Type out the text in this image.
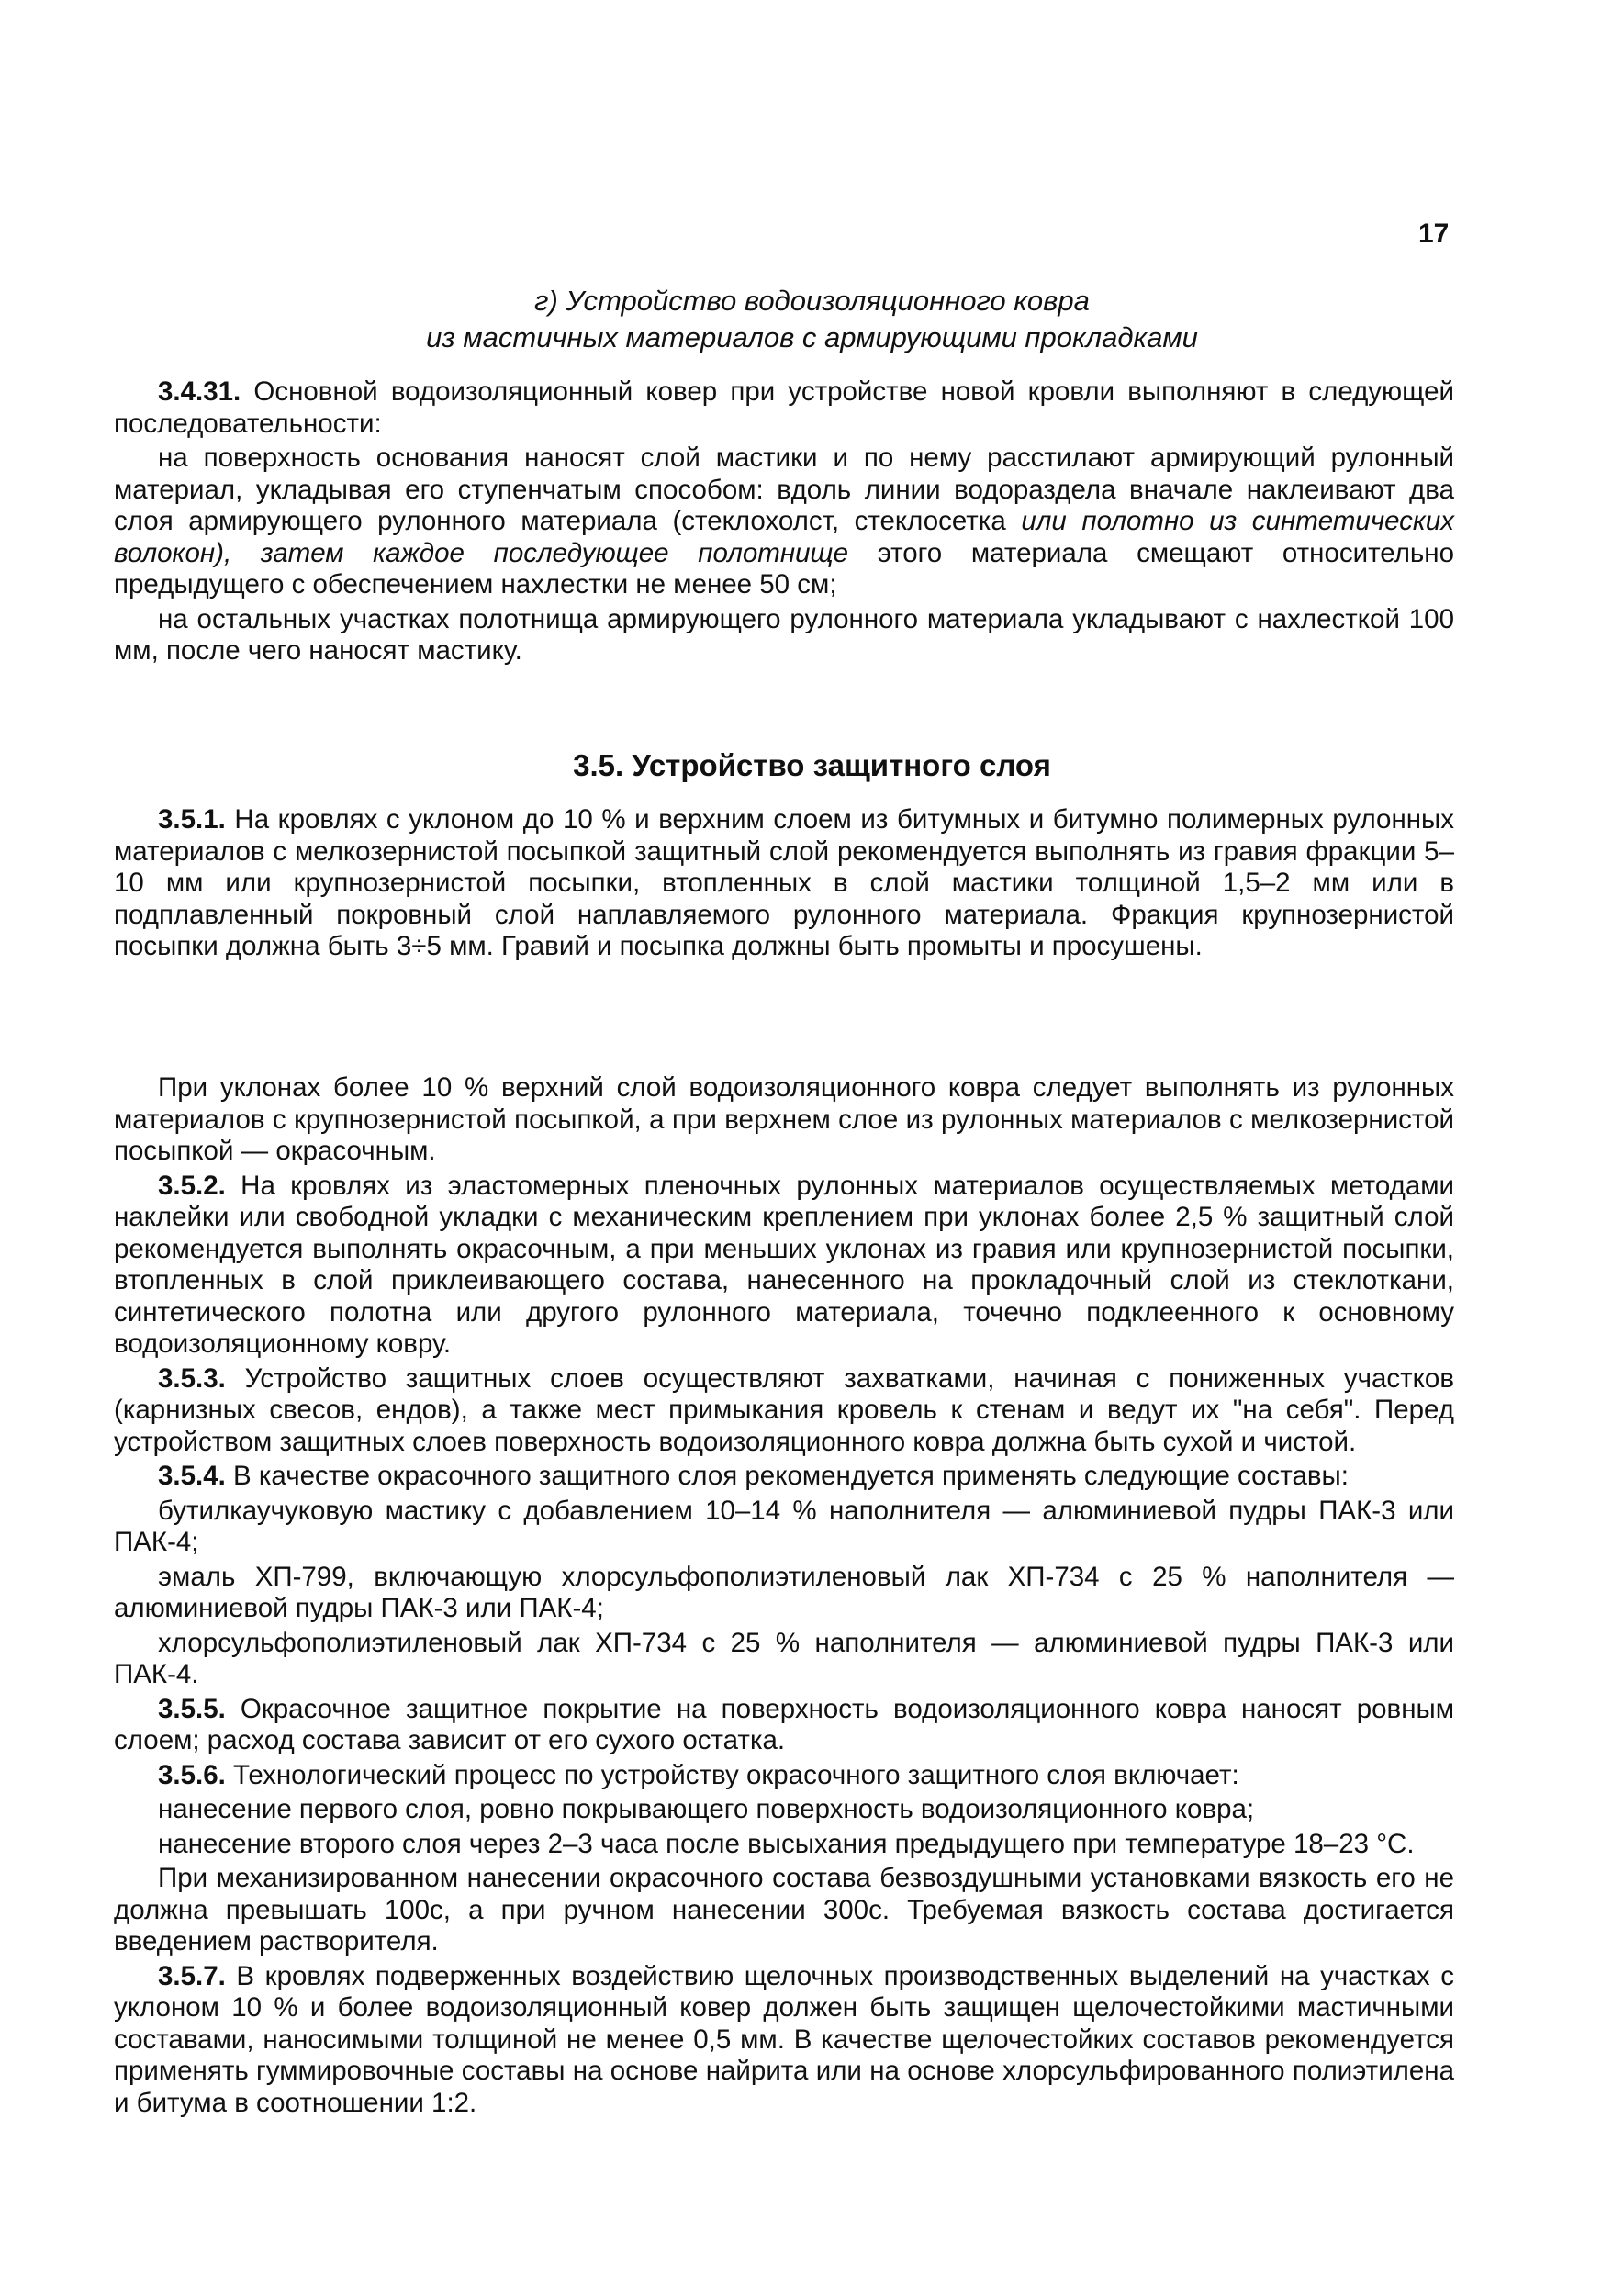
17
г) Устройство водоизоляционного ковра
из мастичных материалов с армирующими прокладками

3.4.31. Основной водоизоляционный ковер при устройстве новой кровли выполняют в следующей последовательности:

на поверхность основания наносят слой мастики и по нему расстилают армирующий рулонный материал, укладывая его ступенчатым способом: вдоль линии водораздела вначале наклеивают два слоя армирующего рулонного материала (стеклохолст, стеклосетка или полотно из синтетических волокон), затем каждое последующее полотнище этого материала смещают относительно предыдущего с обеспечением нахлестки не менее 50 см;

на остальных участках полотнища армирующего рулонного материала укладывают с нахлесткой 100 мм, после чего наносят мастику.

3.5. Устройство защитного слоя

3.5.1. На кровлях с уклоном до 10 % и верхним слоем из битумных и битумно полимерных рулонных материалов с мелкозернистой посыпкой защитный слой рекомендуется выполнять из гравия фракции 5–10 мм или крупнозернистой посыпки, втопленных в слой мастики толщиной 1,5–2 мм или в подплавленный покровный слой наплавляемого рулонного материала. Фракция крупнозернистой посыпки должна быть 3÷5 мм. Гравий и посыпка должны быть промыты и просушены.

При уклонах более 10 % верхний слой водоизоляционного ковра следует выполнять из рулонных материалов с крупнозернистой посыпкой, а при верхнем слое из рулонных материалов с мелкозернистой посыпкой — окрасочным.

3.5.2. На кровлях из эластомерных пленочных рулонных материалов осуществляемых методами наклейки или свободной укладки с механическим креплением при уклонах более 2,5 % защитный слой рекомендуется выполнять окрасочным, а при меньших уклонах из гравия или крупнозернистой посыпки, втопленных в слой приклеивающего состава, нанесенного на прокладочный слой из стеклоткани, синтетического полотна или другого рулонного материала, точечно подклеенного к основному водоизоляционному ковру.

3.5.3. Устройство защитных слоев осуществляют захватками, начиная с пониженных участков (карнизных свесов, ендов), а также мест примыкания кровель к стенам и ведут их "на себя". Перед устройством защитных слоев поверхность водоизоляционного ковра должна быть сухой и чистой.

3.5.4. В качестве окрасочного защитного слоя рекомендуется применять следующие составы:

бутилкаучуковую мастику с добавлением 10–14 % наполнителя — алюминиевой пудры ПАК-3 или ПАК-4;

эмаль ХП-799, включающую хлорсульфополиэтиленовый лак ХП-734 с 25 % наполнителя — алюминиевой пудры ПАК-3 или ПАК-4;

хлорсульфополиэтиленовый лак ХП-734 с 25 % наполнителя — алюминиевой пудры ПАК-3 или ПАК-4.

3.5.5. Окрасочное защитное покрытие на поверхность водоизоляционного ковра наносят ровным слоем; расход состава зависит от его сухого остатка.

3.5.6. Технологический процесс по устройству окрасочного защитного слоя включает:

нанесение первого слоя, ровно покрывающего поверхность водоизоляционного ковра;

нанесение второго слоя через 2–3 часа после высыхания предыдущего при температуре 18–23 °С.

При механизированном нанесении окрасочного состава безвоздушными установками вязкость его не должна превышать 100с, а при ручном нанесении 300с. Требуемая вязкость состава достигается введением растворителя.

3.5.7. В кровлях подверженных воздействию щелочных производственных выделений на участках с уклоном 10 % и более водоизоляционный ковер должен быть защищен щелочестойкими мастичными составами, наносимыми толщиной не менее 0,5 мм. В качестве щелочестойких составов рекомендуется применять гуммировочные составы на основе найрита или на основе хлорсульфированного полиэтилена и битума в соотношении 1:2.
